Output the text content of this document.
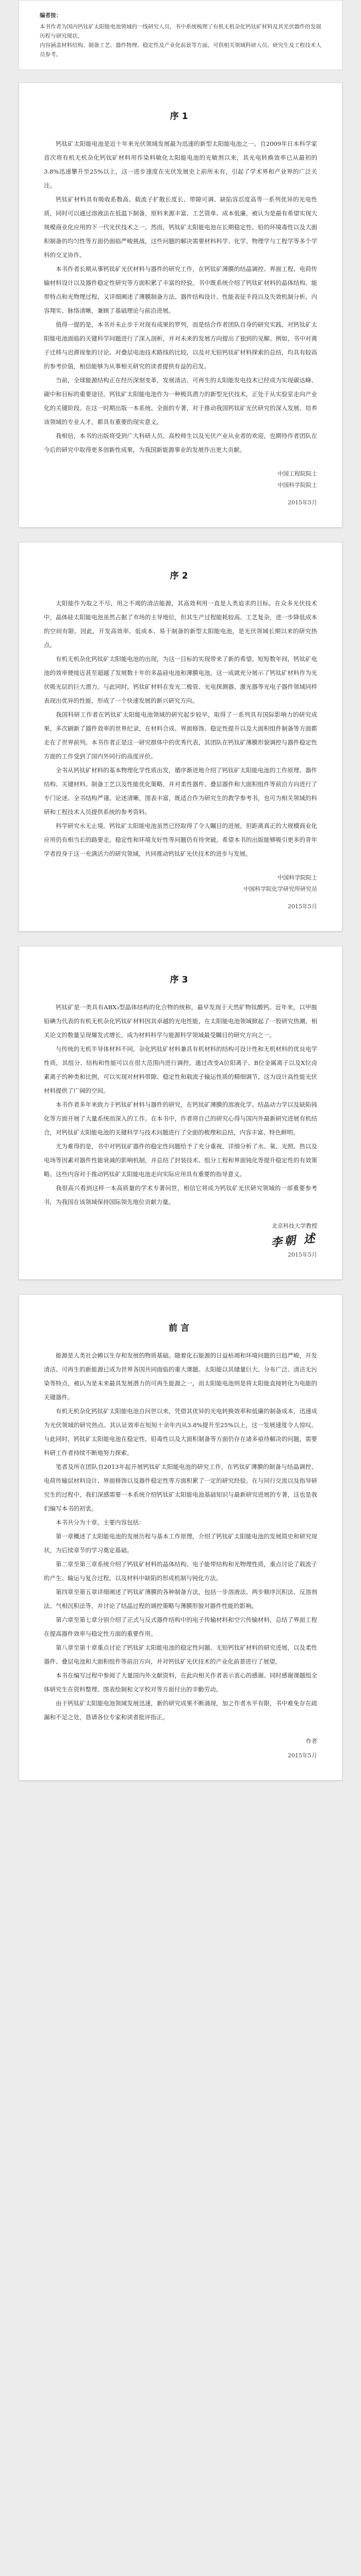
编者按：
本书作者为国内钙钛矿太阳能电池领域的一线研究人员，书中系统梳理了有机无机杂化钙钛矿材料及其光伏器件的发展历程与研究现状，
内容涵盖材料结构、制备工艺、器件物理、稳定性及产业化前景等方面，可供相关领域科研人员、研究生及工程技术人员参考。
序1

钙钛矿太阳能电池是近十年来光伏领域发展最为迅速的新型太阳能电池之一。自2009年日本科学家首次将有机无机杂化钙钛矿材料用作染料敏化太阳能电池的光敏剂以来，其光电转换效率已从最初的3.8%迅速攀升至25%以上，这一进步速度在光伏发展史上前所未有，引起了学术界和产业界的广泛关注。

钙钛矿材料具有吸收系数高、载流子扩散长度长、带隙可调、缺陷容忍度高等一系列优异的光电性质，同时可以通过溶液法在低温下制备，原料来源丰富、工艺简单、成本低廉，被认为是最有希望实现大规模商业化应用的下一代光伏技术之一。然而，钙钛矿太阳能电池在长期稳定性、铅的环境毒性以及大面积制备的均匀性等方面仍面临严峻挑战，这些问题的解决需要材料科学、化学、物理学与工程学等多个学科的交叉协作。

本书作者长期从事钙钛矿光伏材料与器件的研究工作，在钙钛矿薄膜的结晶调控、界面工程、电荷传输材料设计以及器件稳定性研究等方面积累了丰富的经验。书中既系统介绍了钙钛矿材料的晶体结构、能带特点和光物理过程，又详细阐述了薄膜制备方法、器件结构设计、性能表征手段以及失效机制分析，内容翔实、脉络清晰，兼顾了基础理论与前沿进展。

值得一提的是，本书并未止步于对现有成果的罗列，而是结合作者团队自身的研究实践，对钙钛矿太阳能电池面临的关键科学问题进行了深入剖析，并对未来的发展方向提出了独到的见解。例如，书中对离子迁移与迟滞现象的讨论、对叠层电池技术路线的比较，以及对无铅钙钛矿材料探索的总结，均具有较高的参考价值，相信能够为从事相关研究的读者提供有益的启发。

当前，全球能源结构正在经历深刻变革，发展清洁、可再生的太阳能发电技术已经成为实现碳达峰、碳中和目标的重要途径。钙钛矿太阳能电池作为一种极具潜力的新型光伏技术，正处于从实验室走向产业化的关键阶段。在这一时期出版一本系统、全面的专著，对于推动我国钙钛矿光伏研究的深入发展、培养该领域的专业人才，都具有重要的现实意义。

我相信，本书的出版将受到广大科研人员、高校师生以及光伏产业从业者的欢迎，也期待作者团队在今后的研究中取得更多创新性成果，为我国新能源事业的发展作出更大贡献。

中国工程院院士
中国科学院院士
2015年5月
序2

太阳能作为取之不尽、用之不竭的清洁能源，其高效利用一直是人类追求的目标。在众多光伏技术中，晶体硅太阳能电池虽然占据了市场的主导地位，但其生产过程能耗较高、工艺复杂，进一步降低成本的空间有限。因此，开发高效率、低成本、易于制备的新型太阳能电池，是光伏领域长期以来的研究热点。

有机无机杂化钙钛矿太阳能电池的出现，为这一目标的实现带来了新的希望。短短数年间，钙钛矿电池的效率便接近甚至超越了发展数十年的多晶硅电池和薄膜电池，这一成就充分展示了钙钛矿材料作为光伏吸光层的巨大潜力。与此同时，钙钛矿材料在发光二极管、光电探测器、激光器等光电子器件领域同样表现出优异的性能，形成了一个快速发展的新兴研究方向。

我国科研工作者在钙钛矿太阳能电池领域的研究起步较早，取得了一系列具有国际影响力的研究成果，多次刷新了器件效率的世界纪录，在材料合成、界面修饰、稳定性提升以及大面积组件制备等方面都走在了世界前列。本书作者正是这一研究群体中的优秀代表，其团队在钙钛矿薄膜形貌调控与器件稳定性方面的工作受到了国内外同行的高度评价。

全书从钙钛矿材料的基本物理化学性质出发，循序渐进地介绍了钙钛矿太阳能电池的工作原理、器件结构、关键材料、制备工艺以及性能优化策略，并对柔性器件、叠层器件和大面积组件等前沿方向进行了专门论述。全书结构严谨、论述清晰，图表丰富，既适合作为研究生的教学参考书，也可为相关领域的科研和工程技术人员提供系统的参考资料。

科学研究永无止境。钙钛矿太阳能电池虽然已经取得了令人瞩目的进展，但距离真正的大规模商业化应用仍有相当长的路要走，稳定性和环境友好性等问题仍有待突破。希望本书的出版能够吸引更多的青年学者投身于这一充满活力的研究领域，共同推动钙钛矿光伏技术的进步与发展。

中国科学院院士
中国科学院化学研究所研究员
2015年5月
序3

钙钛矿是一类具有ABX₃型晶体结构的化合物的统称，最早发现于天然矿物钛酸钙。近年来，以甲胺铅碘为代表的有机无机杂化钙钛矿材料因其卓越的光电性能，在太阳能电池领域掀起了一股研究热潮，相关论文的数量呈现爆发式增长，成为材料科学与能源科学领域最受瞩目的研究方向之一。

与传统的无机半导体材料不同，杂化钙钛矿材料兼具有机材料的结构可设计性和无机材料的优良电学性质，其组分、结构和性能可以在很大范围内进行调控。通过改变A位阳离子、B位金属离子以及X位卤素离子的种类和比例，可以实现对材料带隙、稳定性和载流子输运性质的精细调节，这为设计高性能光伏材料提供了广阔的空间。

本书作者多年来致力于钙钛矿材料与器件的研究，在钙钛矿薄膜的溶液化学、结晶动力学以及缺陷钝化等方面开展了大量系统而深入的工作。在本书中，作者将自己的研究心得与国内外最新研究进展有机结合，对钙钛矿太阳能电池的关键科学与技术问题进行了全面的梳理和总结，内容丰富、特色鲜明。

尤为难得的是，书中对钙钛矿器件的稳定性问题给予了充分重视，详细分析了水、氧、光照、热以及电场等因素对器件性能衰减的影响机制，并总结了封装技术、组分工程和界面钝化等提升稳定性的有效策略。这些内容对于推动钙钛矿太阳能电池走向实际应用具有重要的指导意义。

我很高兴看到这样一本高质量的学术专著问世，相信它将成为钙钛矿光伏研究领域的一部重要参考书，为我国在该领域保持国际领先地位贡献力量。

北京科技大学教授
李朝 述
2015年5月
前言

能源是人类社会赖以生存和发展的物质基础。随着化石能源的日益枯竭和环境问题的日趋严峻，开发清洁、可再生的新能源已成为世界各国共同面临的重大课题。太阳能以其储量巨大、分布广泛、清洁无污染等特点，被认为是未来最具发展潜力的可再生能源之一，而太阳能电池则是将太阳能直接转化为电能的关键器件。

有机无机杂化钙钛矿太阳能电池自问世以来，凭借其优异的光电转换效率和低廉的制备成本，迅速成为光伏领域的研究热点。其认证效率在短短十余年内从3.8%提升至25%以上，这一发展速度令人惊叹。与此同时，钙钛矿太阳能电池在稳定性、铅毒性以及大面积制备等方面仍存在诸多亟待解决的问题，需要科研工作者持续不断地努力探索。

笔者及所在团队自2013年起开展钙钛矿太阳能电池的研究工作，在钙钛矿薄膜的制备与结晶调控、电荷传输层材料设计、界面修饰以及器件稳定性等方面积累了一定的研究经验。在与同行交流以及指导研究生的过程中，我们深感需要一本系统介绍钙钛矿太阳能电池基础知识与最新研究进展的专著，这也是我们编写本书的初衷。

本书共分为十章，主要内容包括：

第一章概述了太阳能电池的发展历程与基本工作原理，介绍了钙钛矿太阳能电池的发展简史和研究现状，为后续章节的学习奠定基础。
第二章至第三章系统介绍了钙钛矿材料的晶体结构、电子能带结构和光物理性质，重点讨论了载流子的产生、输运与复合过程，以及材料中缺陷的形成机制与钝化方法。
第四章至第五章详细阐述了钙钛矿薄膜的各种制备方法，包括一步溶液法、两步顺序沉积法、反溶剂法、气相沉积法等，并讨论了结晶过程的调控策略与薄膜形貌对器件性能的影响。
第六章至第七章分别介绍了正式与反式器件结构中的电子传输材料和空穴传输材料，总结了界面工程在提高器件效率与稳定性方面的重要作用。
第八章至第十章重点讨论了钙钛矿太阳能电池的稳定性问题、无铅钙钛矿材料的研究进展，以及柔性器件、叠层电池和大面积组件等前沿方向，并对钙钛矿光伏技术的产业化前景进行了展望。

本书在编写过程中参阅了大量国内外文献资料，在此向相关作者表示衷心的感谢。同时感谢课题组全体研究生在资料整理、图表绘制和文字校对等方面付出的辛勤劳动。

由于钙钛矿太阳能电池领域发展迅速，新的研究成果不断涌现，加之作者水平有限，书中难免存在疏漏和不足之处，恳请各位专家和读者批评指正。

作者
2015年5月
